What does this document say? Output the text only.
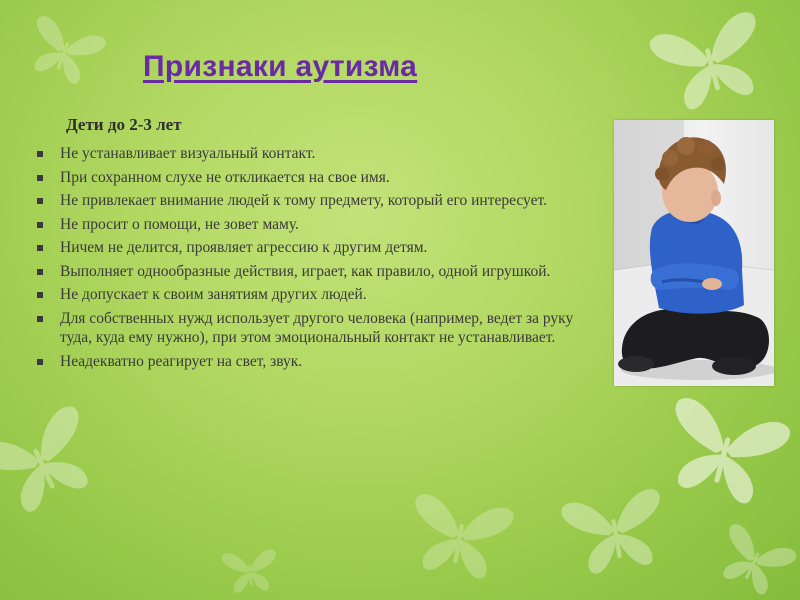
Признаки аутизма
Дети до 2-3 лет
Не устанавливает визуальный контакт.
При сохранном слухе не откликается на свое имя.
Не привлекает внимание людей к тому предмету, который его интересует.
Не просит о помощи, не зовет маму.
Ничем не делится, проявляет агрессию к другим детям.
Выполняет однообразные действия, играет, как правило, одной игрушкой.
Не допускает к своим занятиям других людей.
Для собственных нужд использует другого человека (например, ведет за руку туда, куда ему нужно), при этом эмоциональный контакт не устанавливает.
Неадекватно реагирует на свет, звук.
